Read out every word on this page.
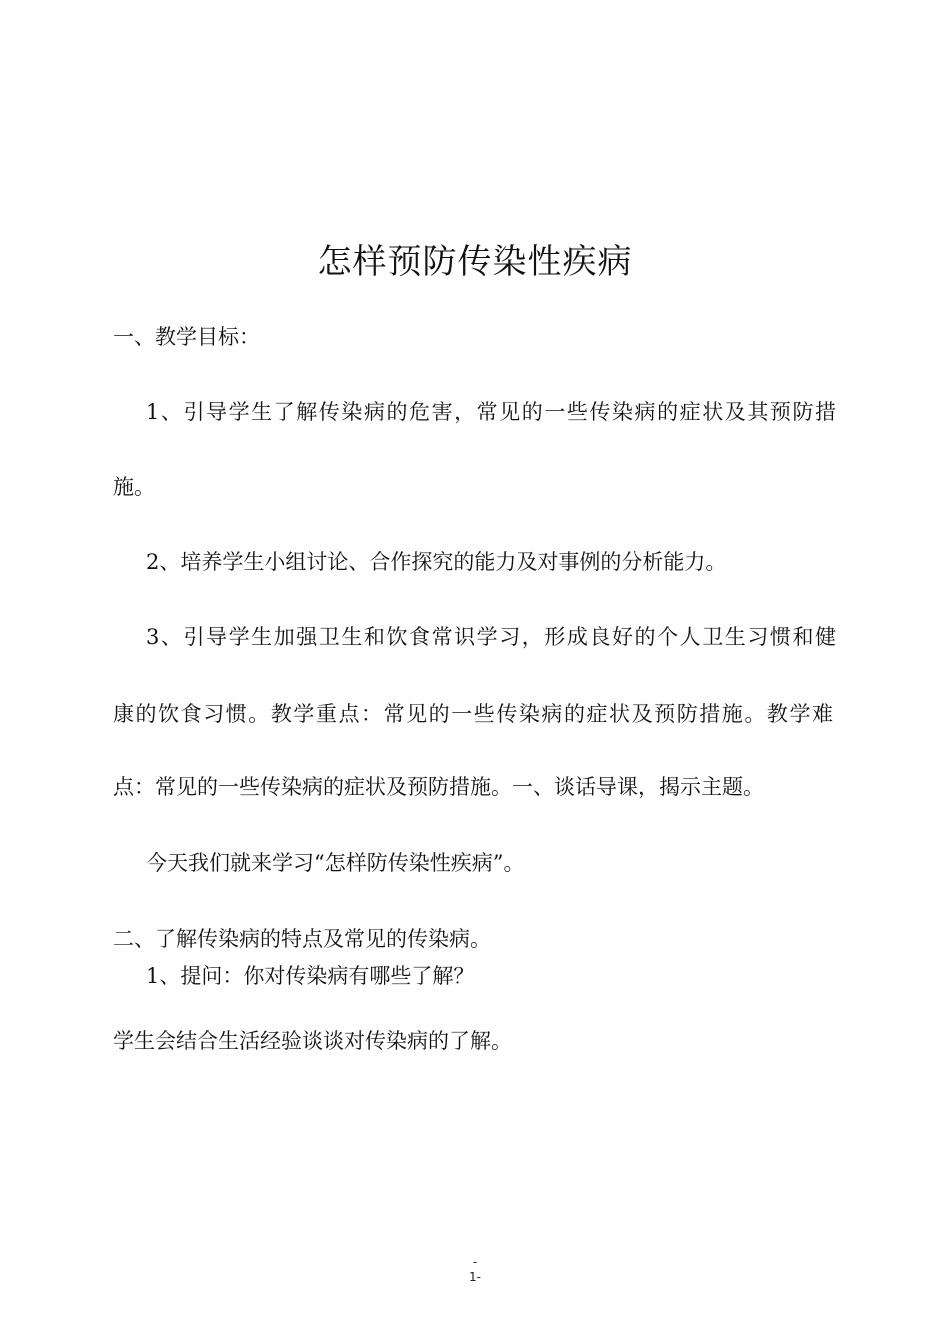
怎样预防传染性疾病
一、教学目标：
1、引导学生了解传染病的危害，常见的一些传染病的症状及其预防措
施。
2、培养学生小组讨论、合作探究的能力及对事例的分析能力。
3、引导学生加强卫生和饮食常识学习，形成良好的个人卫生习惯和健
康的饮食习惯。教学重点：常见的一些传染病的症状及预防措施。教学难
点：常见的一些传染病的症状及预防措施。一、谈话导课，揭示主题。
今天我们就来学习“怎样防传染性疾病”。
二、了解传染病的特点及常见的传染病。
1、提问：你对传染病有哪些了解？
学生会结合生活经验谈谈对传染病的了解。
-
1-
